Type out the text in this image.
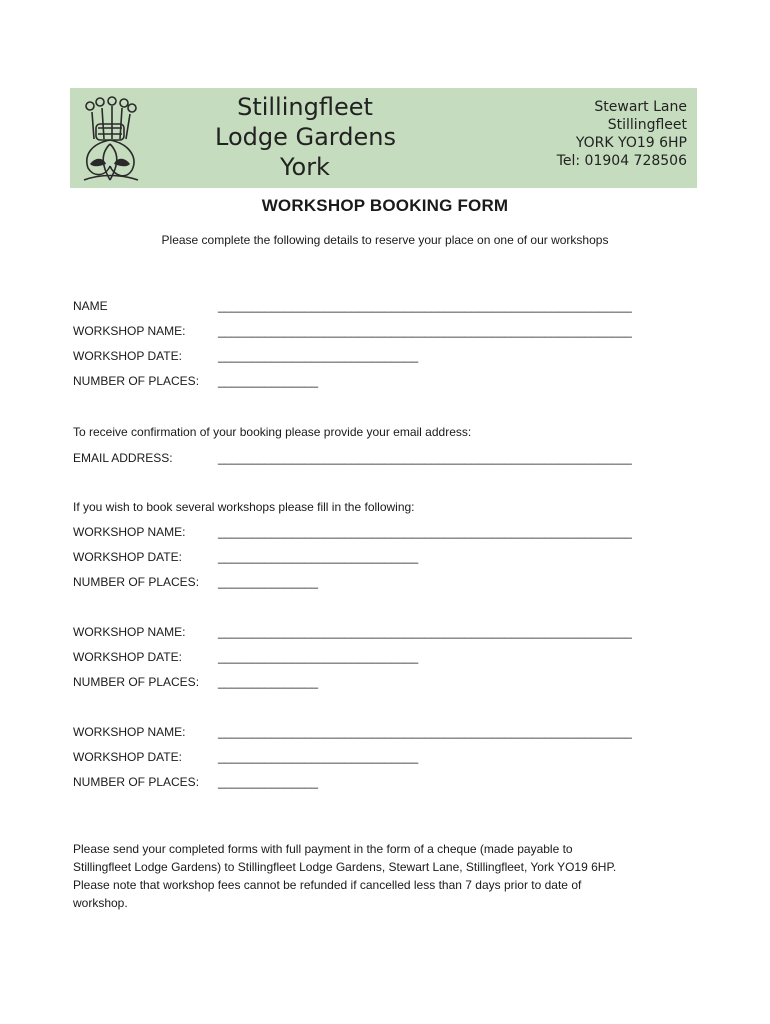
Stillingfleet
Lodge Gardens
York
Stewart Lane
Stillingfleet
YORK YO19 6HP
Tel: 01904 728506
WORKSHOP BOOKING FORM
Please complete the following details to reserve your place on one of our workshops
NAME	______________________________________________________________
WORKSHOP NAME:	______________________________________________________________
WORKSHOP DATE:	______________________________
NUMBER OF PLACES: _______________
To receive confirmation of your booking please provide your email address:
EMAIL ADDRESS:	______________________________________________________________
If you wish to book several workshops please fill in the following:
WORKSHOP NAME:	______________________________________________________________
WORKSHOP DATE:	______________________________
NUMBER OF PLACES: _______________
WORKSHOP NAME:	______________________________________________________________
WORKSHOP DATE:	______________________________
NUMBER OF PLACES: _______________
WORKSHOP NAME:	______________________________________________________________
WORKSHOP DATE:	______________________________
NUMBER OF PLACES: _______________
Please send your completed forms with full payment in the form of a cheque (made payable to
Stillingfleet Lodge Gardens) to Stillingfleet Lodge Gardens, Stewart Lane, Stillingfleet, York YO19 6HP.
Please note that workshop fees cannot be refunded if cancelled less than 7 days prior to date of
workshop.
